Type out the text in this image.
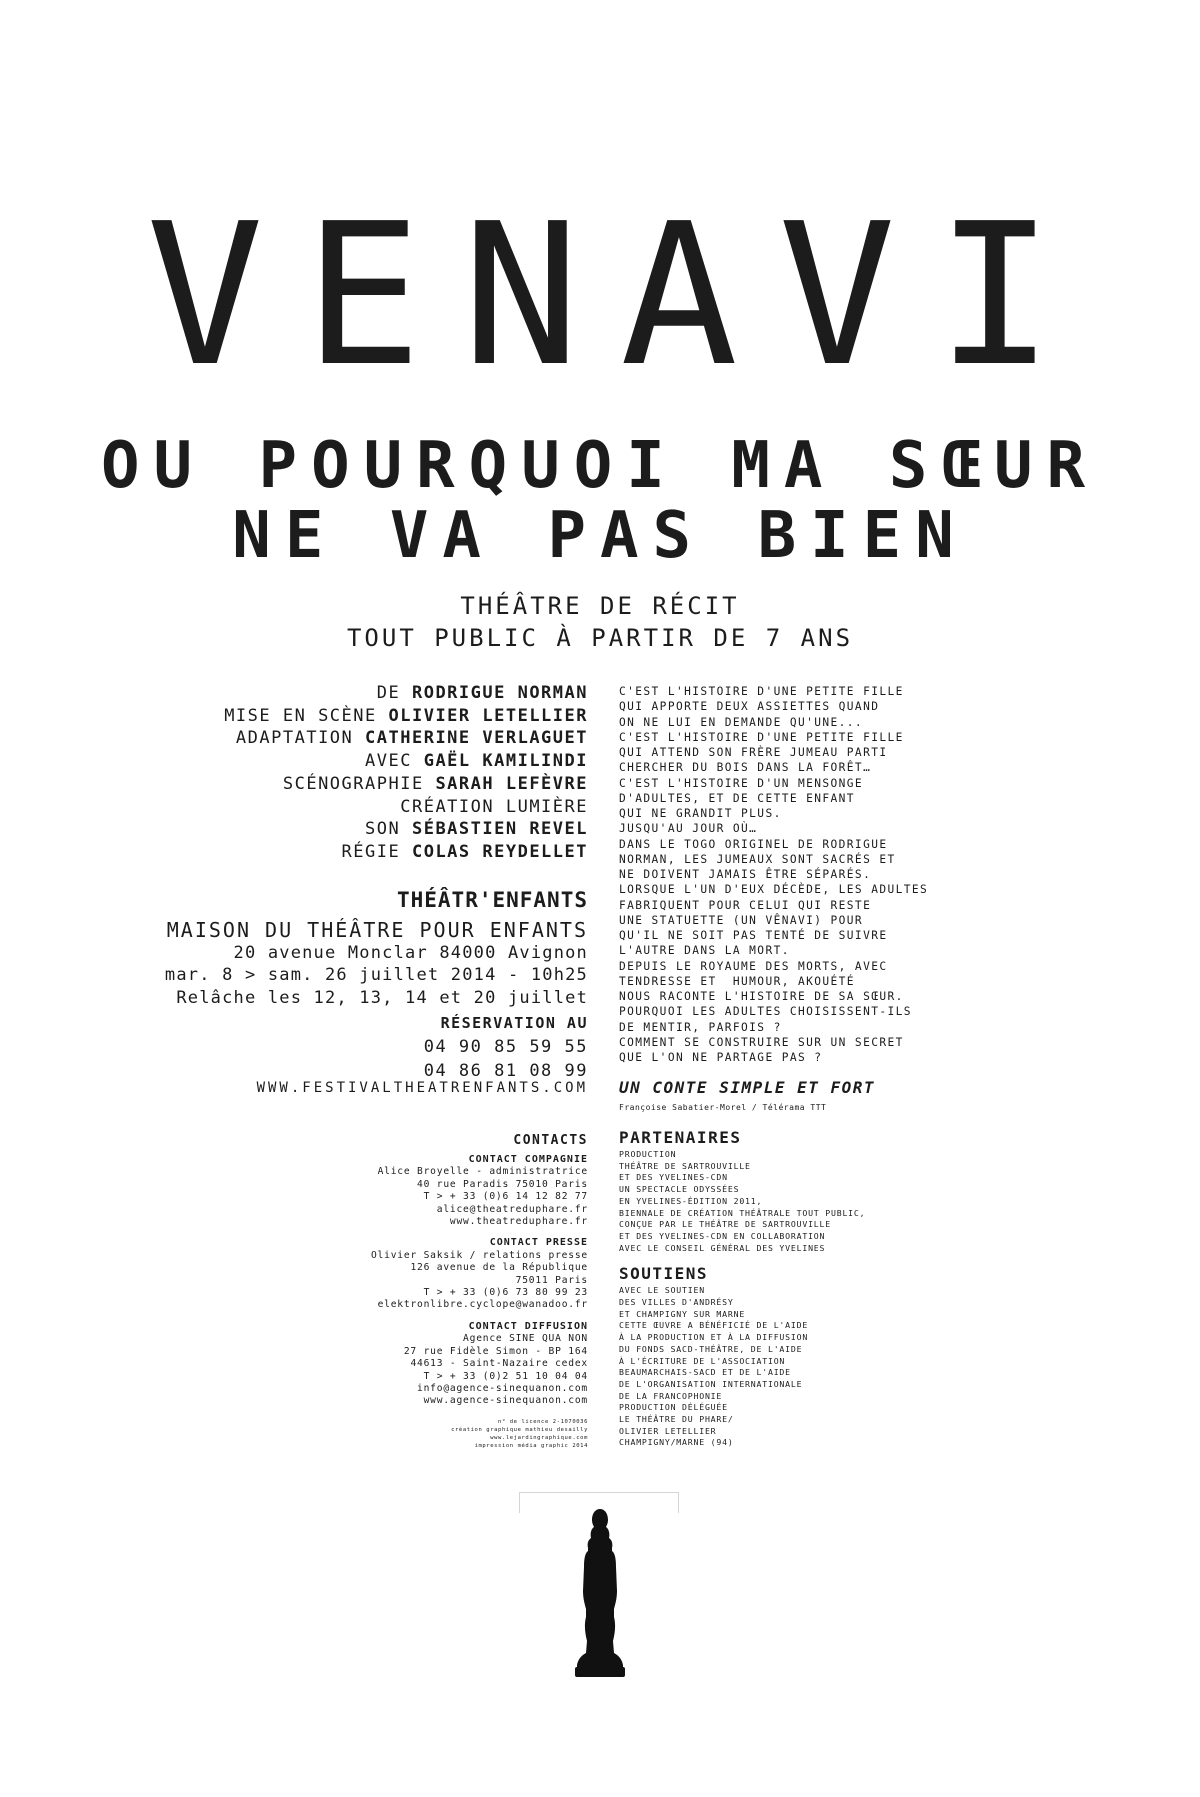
VENAVI
OU POURQUOI MA SŒUR
NE VA PAS BIEN
THÉÂTRE DE RÉCIT
TOUT PUBLIC À PARTIR DE 7 ANS
DE RODRIGUE NORMAN
MISE EN SCÈNE OLIVIER LETELLIER
ADAPTATION CATHERINE VERLAGUET
AVEC GAËL KAMILINDI
SCÉNOGRAPHIE SARAH LEFÈVRE
CRÉATION LUMIÈRE
SON SÉBASTIEN REVEL
RÉGIE COLAS REYDELLET
THÉÂTR'ENFANTS
MAISON DU THÉÂTRE POUR ENFANTS
20 avenue Monclar 84000 Avignon
mar. 8 > sam. 26 juillet 2014 - 10h25
Relâche les 12, 13, 14 et 20 juillet
RÉSERVATION AU
04 90 85 59 55
04 86 81 08 99
WWW.FESTIVALTHEATRENFANTS.COM
C'EST L'HISTOIRE D'UNE PETITE FILLE
QUI APPORTE DEUX ASSIETTES QUAND
ON NE LUI EN DEMANDE QU'UNE...
C'EST L'HISTOIRE D'UNE PETITE FILLE
QUI ATTEND SON FRÈRE JUMEAU PARTI
CHERCHER DU BOIS DANS LA FORÊT…
C'EST L'HISTOIRE D'UN MENSONGE
D'ADULTES, ET DE CETTE ENFANT
QUI NE GRANDIT PLUS.
JUSQU'AU JOUR OÙ…
DANS LE TOGO ORIGINEL DE RODRIGUE
NORMAN, LES JUMEAUX SONT SACRÉS ET
NE DOIVENT JAMAIS ÊTRE SÉPARÉS.
LORSQUE L'UN D'EUX DÉCÈDE, LES ADULTES
FABRIQUENT POUR CELUI QUI RESTE
UNE STATUETTE (UN VÊNAVI) POUR
QU'IL NE SOIT PAS TENTÉ DE SUIVRE
L'AUTRE DANS LA MORT.
DEPUIS LE ROYAUME DES MORTS, AVEC
TENDRESSE ET  HUMOUR, AKOUÉTÉ
NOUS RACONTE L'HISTOIRE DE SA SŒUR.
POURQUOI LES ADULTES CHOISISSENT-ILS
DE MENTIR, PARFOIS ?
COMMENT SE CONSTRUIRE SUR UN SECRET
QUE L'ON NE PARTAGE PAS ?
UN CONTE SIMPLE ET FORT
Françoise Sabatier-Morel / Télérama TTT
CONTACTS
CONTACT COMPAGNIE
Alice Broyelle - administratrice
40 rue Paradis 75010 Paris
T > + 33 (0)6 14 12 82 77
alice@theatreduphare.fr
www.theatreduphare.fr
CONTACT PRESSE
Olivier Saksik / relations presse
126 avenue de la République
75011 Paris
T > + 33 (0)6 73 80 99 23
elektronlibre.cyclope@wanadoo.fr
CONTACT DIFFUSION
Agence SINE QUA NON
27 rue Fidèle Simon - BP 164
44613 - Saint-Nazaire cedex
T > + 33 (0)2 51 10 04 04
info@agence-sinequanon.com
www.agence-sinequanon.com
n° de licence 2-1070036
création graphique mathieu desailly
www.lejardingraphique.com
impression média graphic 2014
PARTENAIRES
PRODUCTION
THÉÂTRE DE SARTROUVILLE
ET DES YVELINES-CDN
UN SPECTACLE ODYSSÉES
EN YVELINES-ÉDITION 2011,
BIENNALE DE CRÉATION THÉÂTRALE TOUT PUBLIC,
CONÇUE PAR LE THÉÂTRE DE SARTROUVILLE
ET DES YVELINES-CDN EN COLLABORATION
AVEC LE CONSEIL GÉNÉRAL DES YVELINES
SOUTIENS
AVEC LE SOUTIEN
DES VILLES D'ANDRÉSY
ET CHAMPIGNY SUR MARNE
CETTE ŒUVRE A BÉNÉFICIÉ DE L'AIDE
À LA PRODUCTION ET À LA DIFFUSION
DU FONDS SACD-THÉÂTRE, DE L'AIDE
À L'ÉCRITURE DE L'ASSOCIATION
BEAUMARCHAIS-SACD ET DE L'AIDE
DE L'ORGANISATION INTERNATIONALE
DE LA FRANCOPHONIE
PRODUCTION DÉLÉGUÉE
LE THÉÂTRE DU PHARE/
OLIVIER LETELLIER
CHAMPIGNY/MARNE (94)
